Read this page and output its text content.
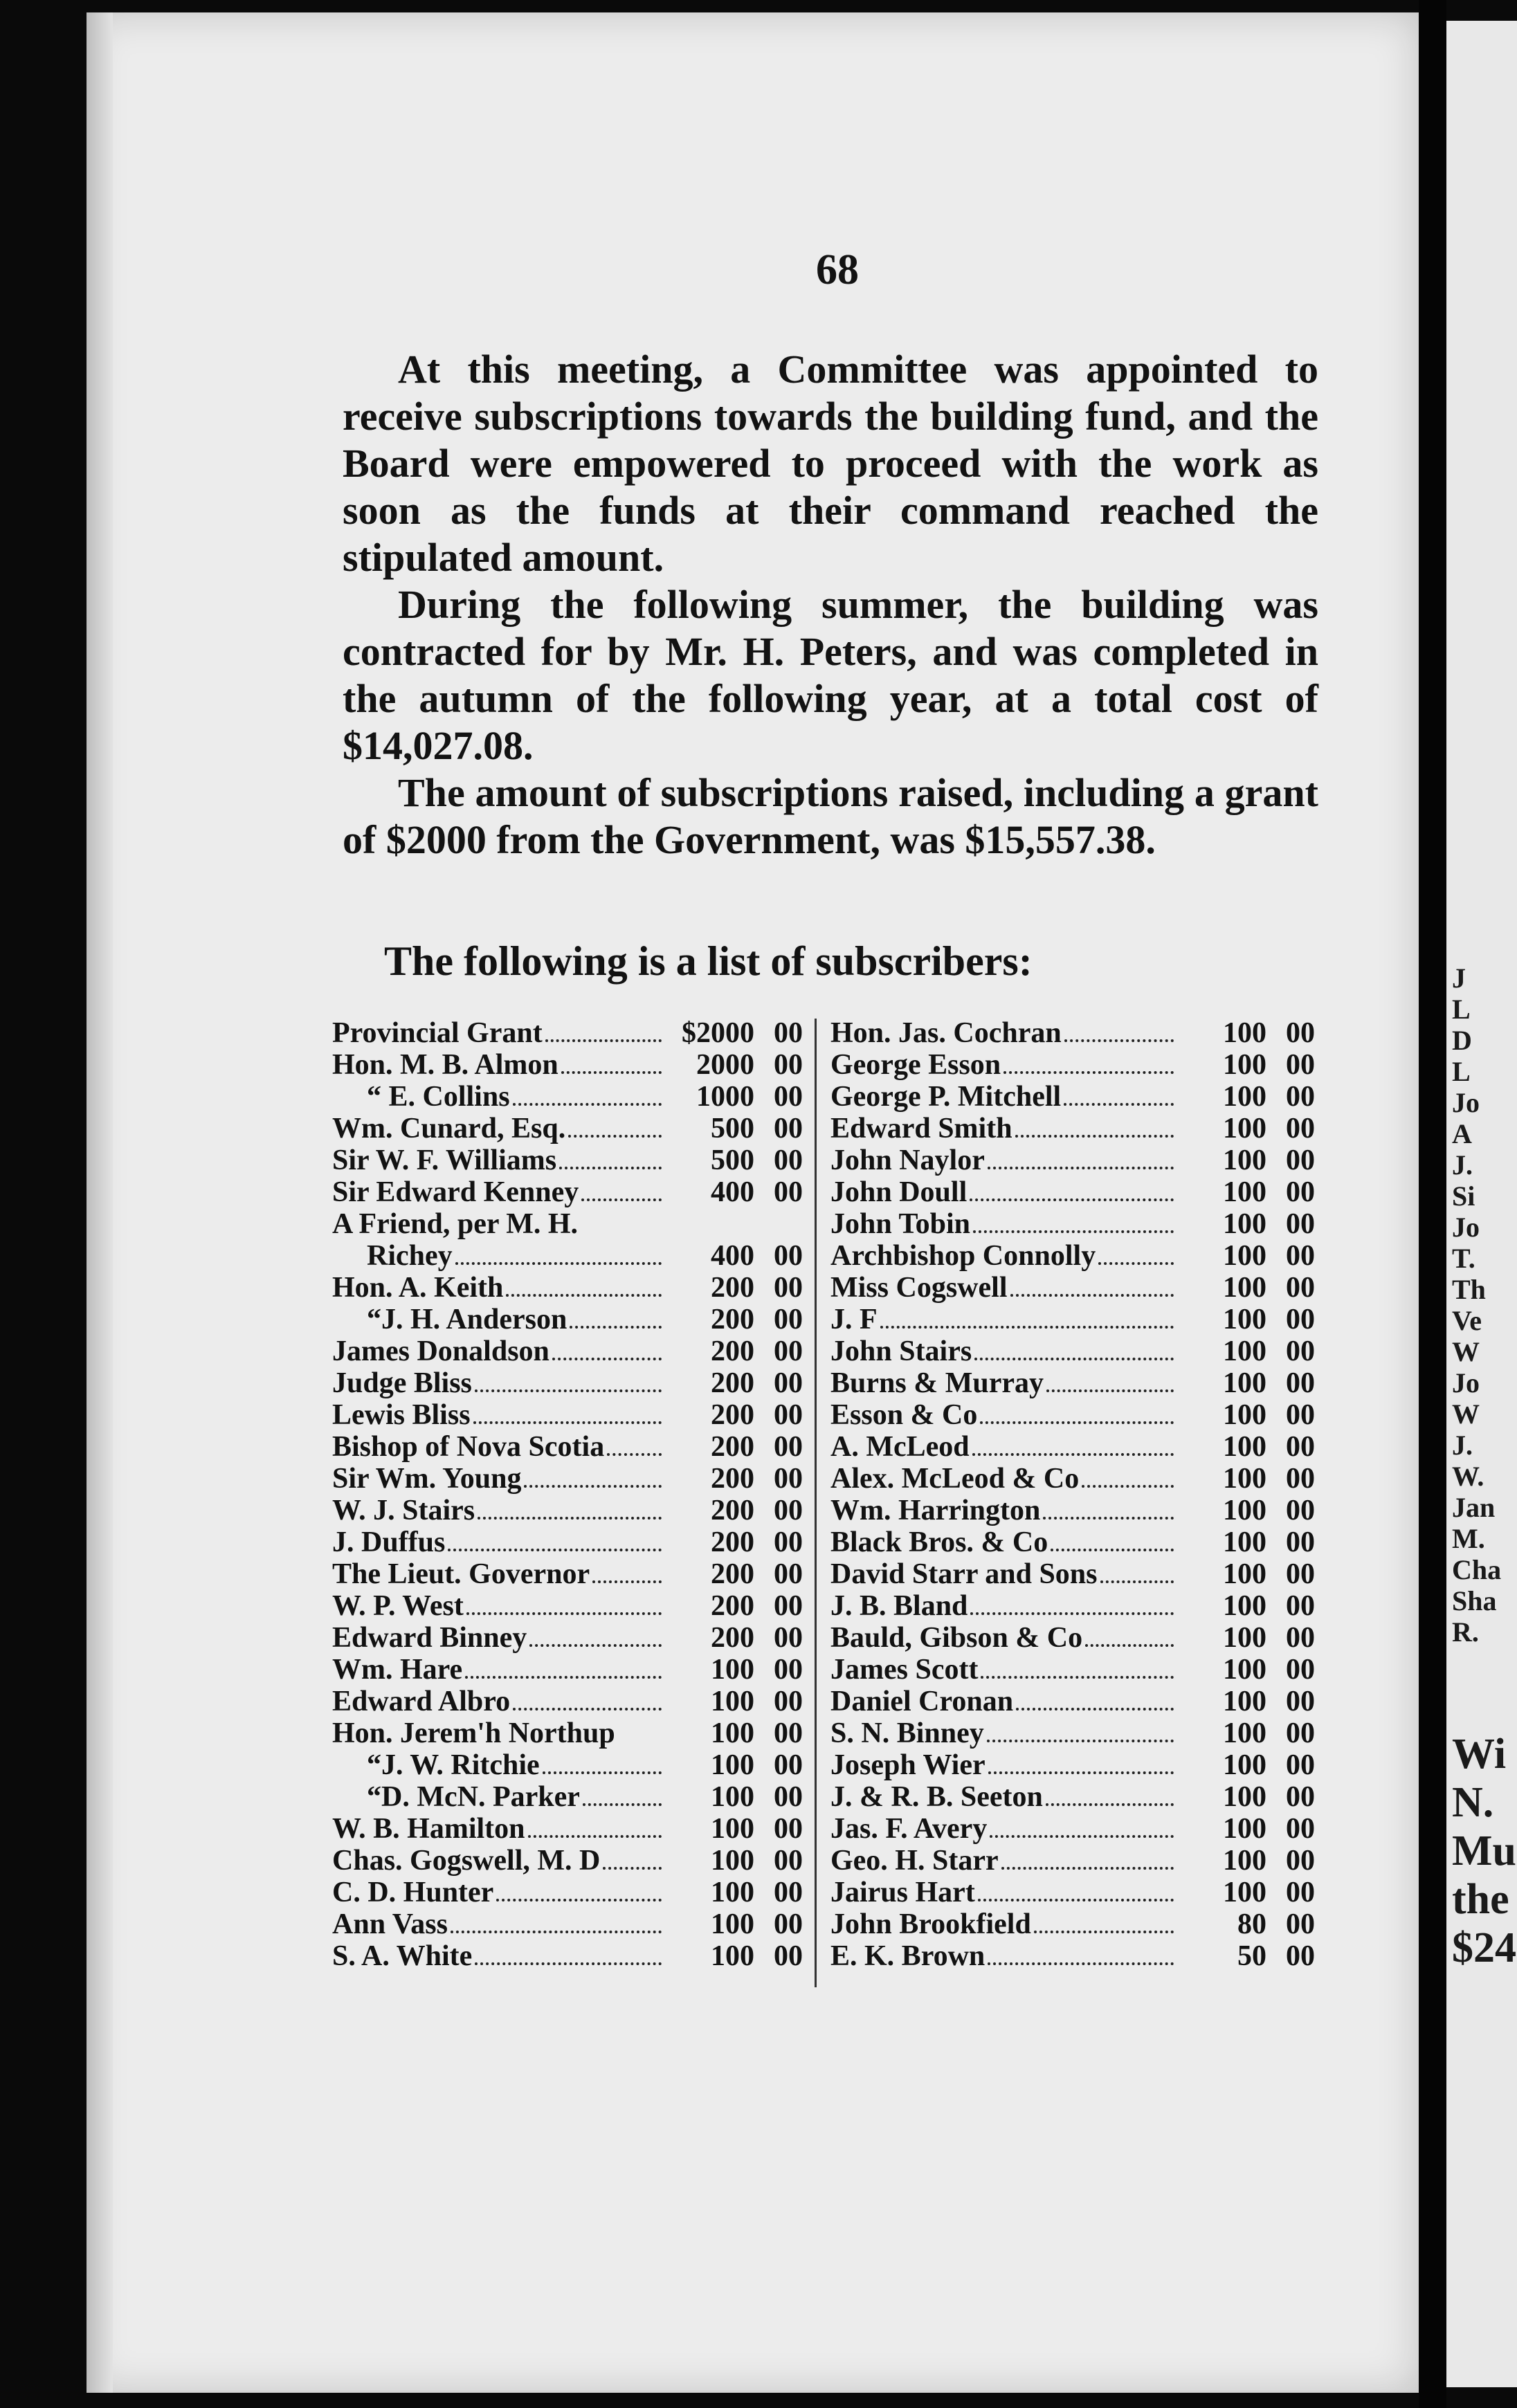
J
L
D
L
Jo
A
J.
Si
Jo
T.
Th
Ve
W
Jo
W
J.
W.
Jan
M.
Cha
Sha
R.
Wi
N.
Mu
the
$24
68

At this meeting, a Committee was appointed to receive subscriptions towards the building fund, and the Board were empowered to proceed with the work as soon as the funds at their command reached the stipulated amount.

During the following summer, the building was contracted for by Mr. H. Peters, and was completed in the autumn of the following year, at a total cost of $14,027.08.

The amount of subscriptions raised, including a grant of $2000 from the Government, was $15,557.38.

The following is a list of subscribers:
Provincial Grant	$2000 00
Hon. M. B. Almon	2000 00
“ E. Collins	1000 00
Wm. Cunard, Esq.	500 00
Sir W. F. Williams	500 00
Sir Edward Kenney	400 00
A Friend, per M. H.
Richey	400 00
Hon. A. Keith	200 00
“J. H. Anderson	200 00
James Donaldson	200 00
Judge Bliss	200 00
Lewis Bliss	200 00
Bishop of Nova Scotia	200 00
Sir Wm. Young	200 00
W. J. Stairs	200 00
J. Duffus	200 00
The Lieut. Governor	200 00
W. P. West	200 00
Edward Binney	200 00
Wm. Hare	100 00
Edward Albro	100 00
Hon. Jerem'h Northup	100 00
“J. W. Ritchie	100 00
“D. McN. Parker	100 00
W. B. Hamilton	100 00
Chas. Gogswell, M. D	100 00
C. D. Hunter	100 00
Ann Vass	100 00
S. A. White	100 00
Hon. Jas. Cochran	100 00
George Esson	100 00
George P. Mitchell	100 00
Edward Smith	100 00
John Naylor	100 00
John Doull	100 00
John Tobin	100 00
Archbishop Connolly	100 00
Miss Cogswell	100 00
J. F	100 00
John Stairs	100 00
Burns & Murray	100 00
Esson & Co	100 00
A. McLeod	100 00
Alex. McLeod & Co	100 00
Wm. Harrington	100 00
Black Bros. & Co	100 00
David Starr and Sons	100 00
J. B. Bland	100 00
Bauld, Gibson & Co	100 00
James Scott	100 00
Daniel Cronan	100 00
S. N. Binney	100 00
Joseph Wier	100 00
J. & R. B. Seeton	100 00
Jas. F. Avery	100 00
Geo. H. Starr	100 00
Jairus Hart	100 00
John Brookfield	80 00
E. K. Brown	50 00
